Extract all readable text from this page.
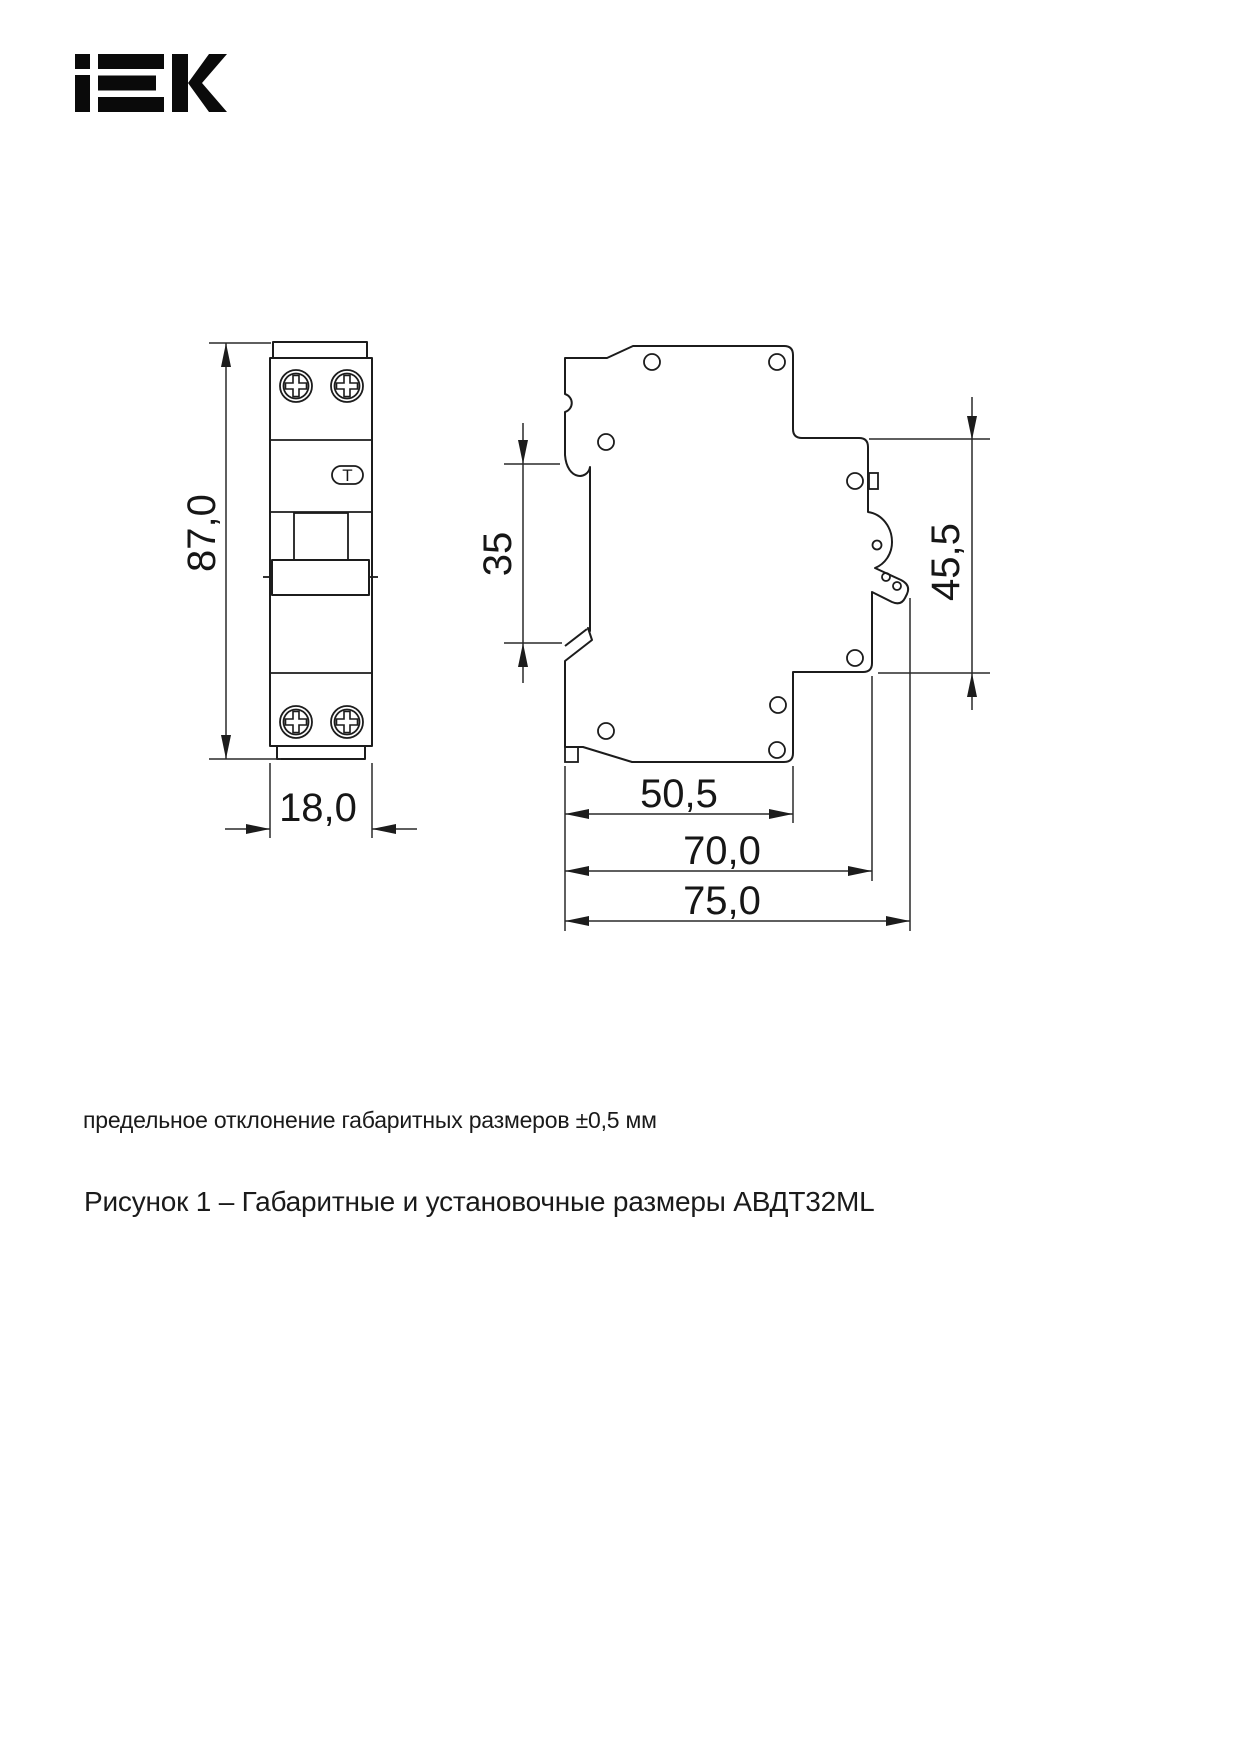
Т
87,0
18,0
35	45,5
50,5
70,0
75,0
предельное отклонение габаритных размеров ±0,5 мм
Рисунок 1 – Габаритные и установочные размеры АВДТ32ML
